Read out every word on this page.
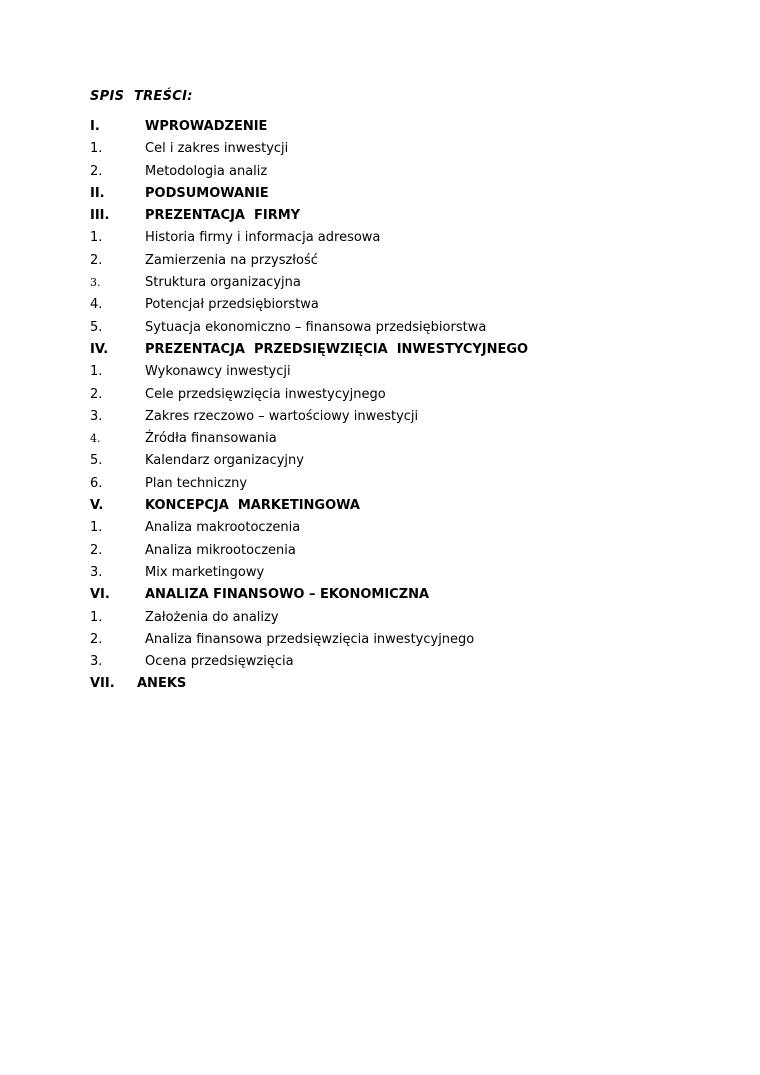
SPIS  TREŚCI:
I.	WPROWADZENIE
1.	Cel i zakres inwestycji
2.	Metodologia analiz
II.	PODSUMOWANIE
III.	PREZENTACJA  FIRMY
1.	Historia firmy i informacja adresowa
2.	Zamierzenia na przyszłość
3.	Struktura organizacyjna
4.	Potencjał przedsiębiorstwa
5.	Sytuacja ekonomiczno – finansowa przedsiębiorstwa
IV.	PREZENTACJA  PRZEDSIĘWZIĘCIA  INWESTYCYJNEGO
1.	Wykonawcy inwestycji
2.	Cele przedsięwzięcia inwestycyjnego
3.	Zakres rzeczowo – wartościowy inwestycji
4.	Źródła finansowania
5.	Kalendarz organizacyjny
6.	Plan techniczny
V.	KONCEPCJA  MARKETINGOWA
1.	Analiza makrootoczenia
2.	Analiza mikrootoczenia
3.	Mix marketingowy
VI.	ANALIZA FINANSOWO – EKONOMICZNA
1.	Założenia do analizy
2.	Analiza finansowa przedsięwzięcia inwestycyjnego
3.	Ocena przedsięwzięcia
VII. ANEKS
